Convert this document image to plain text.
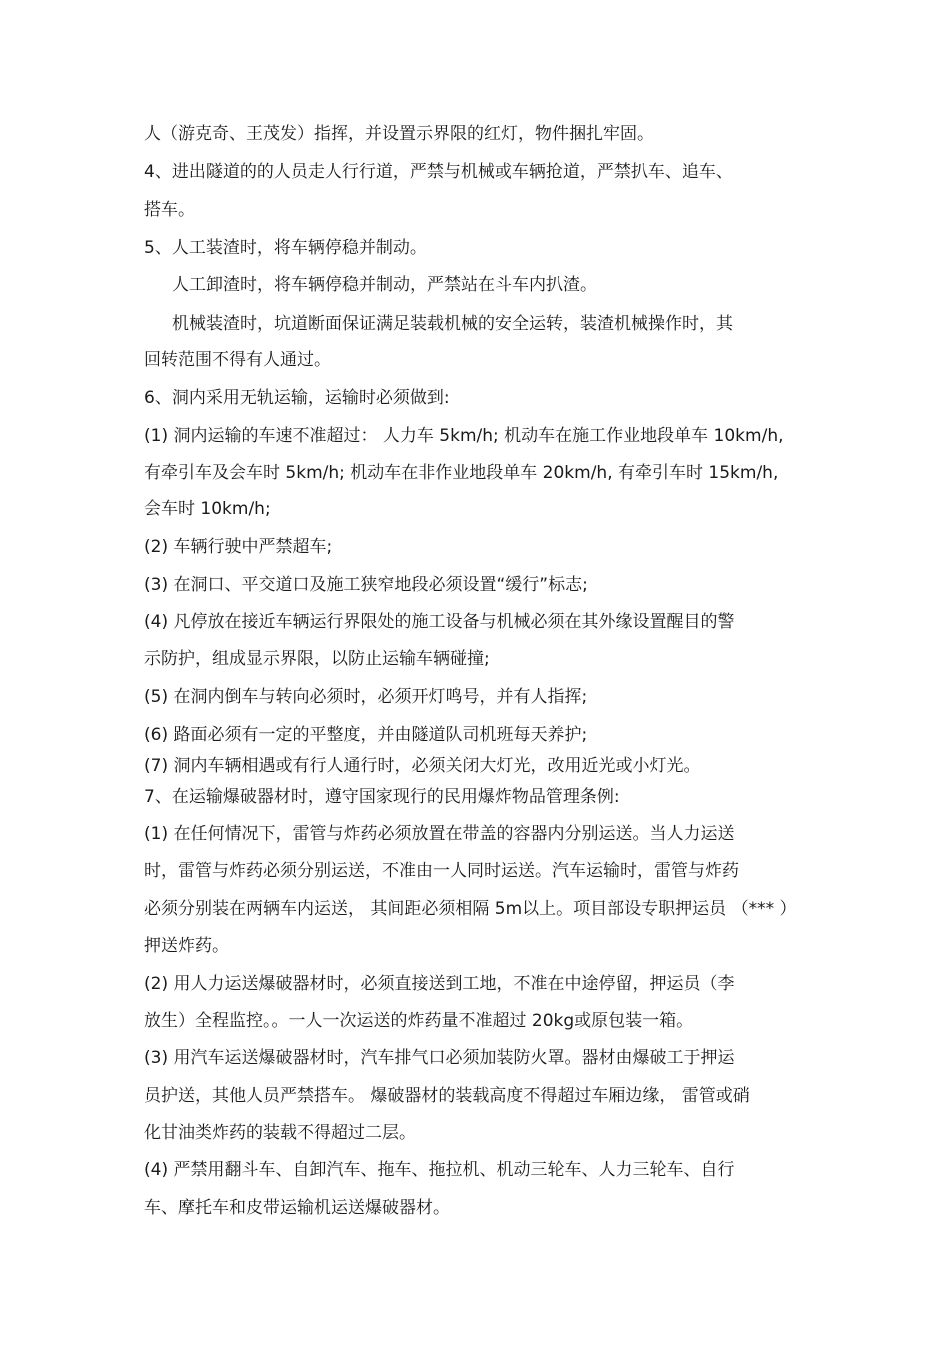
人（游克奇、王茂发）指挥，并设置示界限的红灯，物件捆扎牢固。
4、进出隧道的的人员走人行行道，严禁与机械或车辆抢道，严禁扒车、追车、
搭车。
5、人工装渣时，将车辆停稳并制动。
人工卸渣时，将车辆停稳并制动，严禁站在斗车内扒渣。
机械装渣时，坑道断面保证满足装载机械的安全运转，装渣机械操作时，其
回转范围不得有人通过。
6、洞内采用无轨运输，运输时必须做到:
(1) 洞内运输的车速不准超过： 人力车 5km/h; 机动车在施工作业地段单车 10km/h,
有牵引车及会车时 5km/h; 机动车在非作业地段单车 20km/h, 有牵引车时 15km/h,
会车时 10km/h;
(2) 车辆行驶中严禁超车;
(3) 在洞口、平交道口及施工狭窄地段必须设置“缓行”标志;
(4) 凡停放在接近车辆运行界限处的施工设备与机械必须在其外缘设置醒目的警
示防护，组成显示界限，以防止运输车辆碰撞;
(5) 在洞内倒车与转向必须时，必须开灯鸣号，并有人指挥;
(6) 路面必须有一定的平整度，并由隧道队司机班每天养护;
(7) 洞内车辆相遇或有行人通行时，必须关闭大灯光，改用近光或小灯光。
7、在运输爆破器材时，遵守国家现行的民用爆炸物品管理条例:
(1) 在任何情况下，雷管与炸药必须放置在带盖的容器内分别运送。当人力运送
时，雷管与炸药必须分别运送，不准由一人同时运送。汽车运输时，雷管与炸药
必须分别装在两辆车内运送， 其间距必须相隔 5m以上。项目部设专职押运员 （*** ）
押送炸药。
(2) 用人力运送爆破器材时，必须直接送到工地，不准在中途停留，押运员（李
放生）全程监控。。一人一次运送的炸药量不准超过 20kg或原包装一箱。
(3) 用汽车运送爆破器材时，汽车排气口必须加装防火罩。器材由爆破工于押运
员护送，其他人员严禁搭车。 爆破器材的装载高度不得超过车厢边缘， 雷管或硝
化甘油类炸药的装载不得超过二层。
(4) 严禁用翻斗车、自卸汽车、拖车、拖拉机、机动三轮车、人力三轮车、自行
车、摩托车和皮带运输机运送爆破器材。
